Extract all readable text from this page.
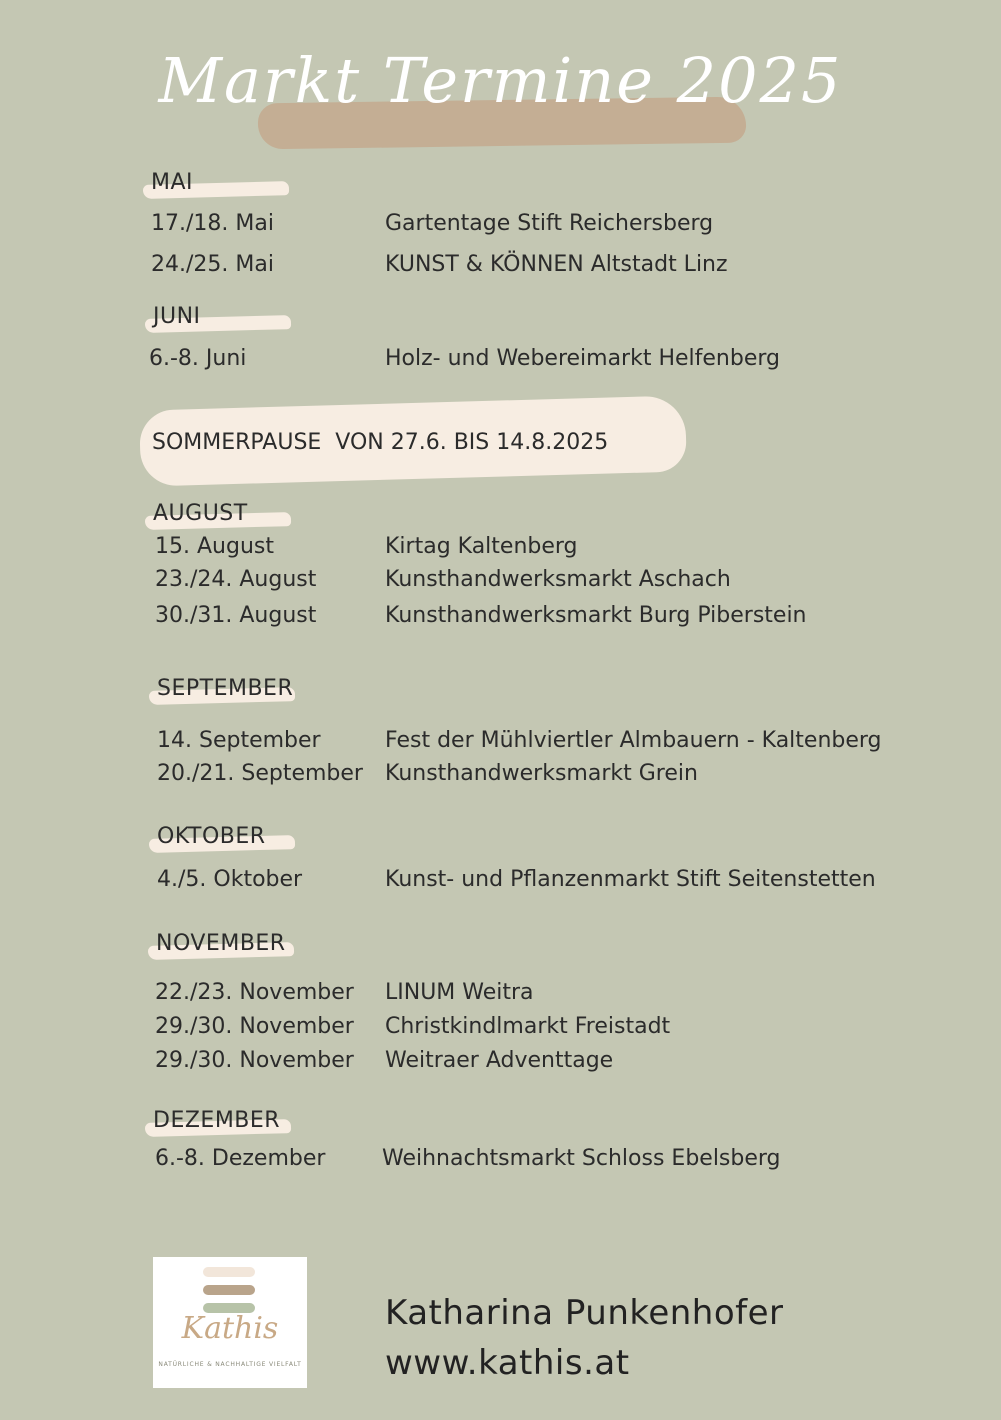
Markt Termine 2025
MAI
17./18. Mai	Gartentage Stift Reichersberg
24./25. Mai	KUNST & KÖNNEN Altstadt Linz
JUNI
6.-8. Juni	Holz- und Webereimarkt Helfenberg
SOMMERPAUSE  VON 27.6. BIS 14.8.2025
AUGUST
15. August	Kirtag Kaltenberg
23./24. August	Kunsthandwerksmarkt Aschach
30./31. August	Kunsthandwerksmarkt Burg Piberstein
SEPTEMBER
14. September	Fest der Mühlviertler Almbauern - Kaltenberg
20./21. September Kunsthandwerksmarkt Grein
OKTOBER
4./5. Oktober	Kunst- und Pflanzenmarkt Stift Seitenstetten
NOVEMBER
22./23. November LINUM Weitra
29./30. November Christkindlmarkt Freistadt
29./30. November Weitraer Adventtage
DEZEMBER
6.-8. Dezember	Weihnachtsmarkt Schloss Ebelsberg
Kathis
NATÜRLICHE & NACHHALTIGE VIELFALT
Katharina Punkenhofer
www.kathis.at
